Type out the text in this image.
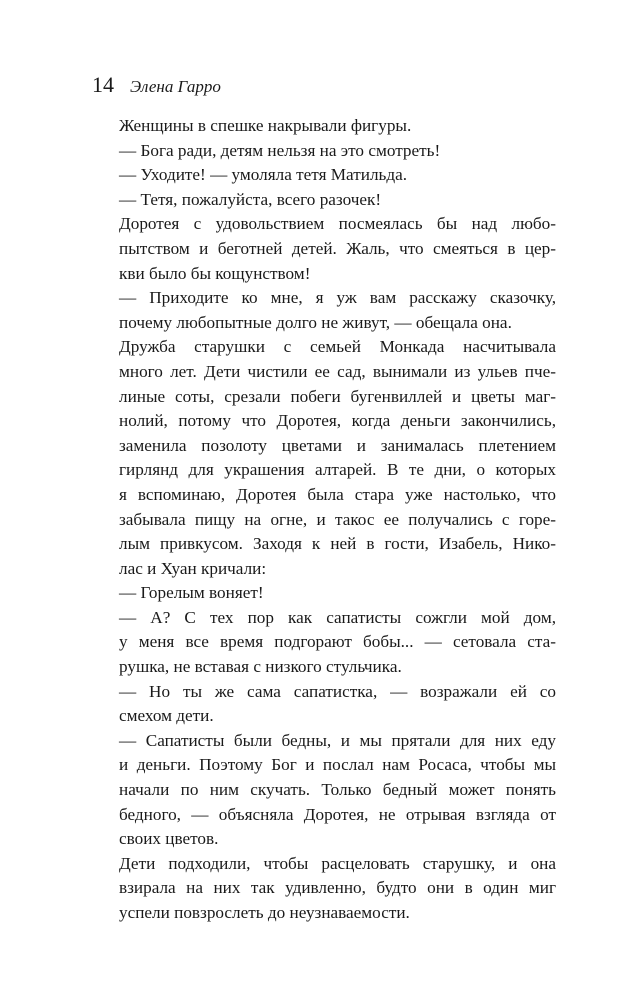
14 Элена Гарро
Женщины в спешке накрывали фигуры.
— Бога ради, детям нельзя на это смотреть!
— Уходите! — умоляла тетя Матильда.
— Тетя, пожалуйста, всего разочек!
Доротея с удовольствием посмеялась бы над любо-
пытством и беготней детей. Жаль, что смеяться в цер-
кви было бы кощунством!
— Приходите ко мне, я уж вам расскажу сказочку,
почему любопытные долго не живут, — обещала она.
Дружба старушки с семьей Монкада насчитывала
много лет. Дети чистили ее сад, вынимали из ульев пче-
линые соты, срезали побеги бугенвиллей и цветы маг-
нолий, потому что Доротея, когда деньги закончились,
заменила позолоту цветами и занималась плетением
гирлянд для украшения алтарей. В те дни, о которых
я вспоминаю, Доротея была стара уже настолько, что
забывала пищу на огне, и такос ее получались с горе-
лым привкусом. Заходя к ней в гости, Изабель, Нико-
лас и Хуан кричали:
— Горелым воняет!
— А? С тех пор как сапатисты сожгли мой дом,
у меня все время подгорают бобы... — сетовала ста-
рушка, не вставая с низкого стульчика.
— Но ты же сама сапатистка, — возражали ей со
смехом дети.
— Сапатисты были бедны, и мы прятали для них еду
и деньги. Поэтому Бог и послал нам Росаса, чтобы мы
начали по ним скучать. Только бедный может понять
бедного, — объясняла Доротея, не отрывая взгляда от
своих цветов.
Дети подходили, чтобы расцеловать старушку, и она
взирала на них так удивленно, будто они в один миг
успели повзрослеть до неузнаваемости.
